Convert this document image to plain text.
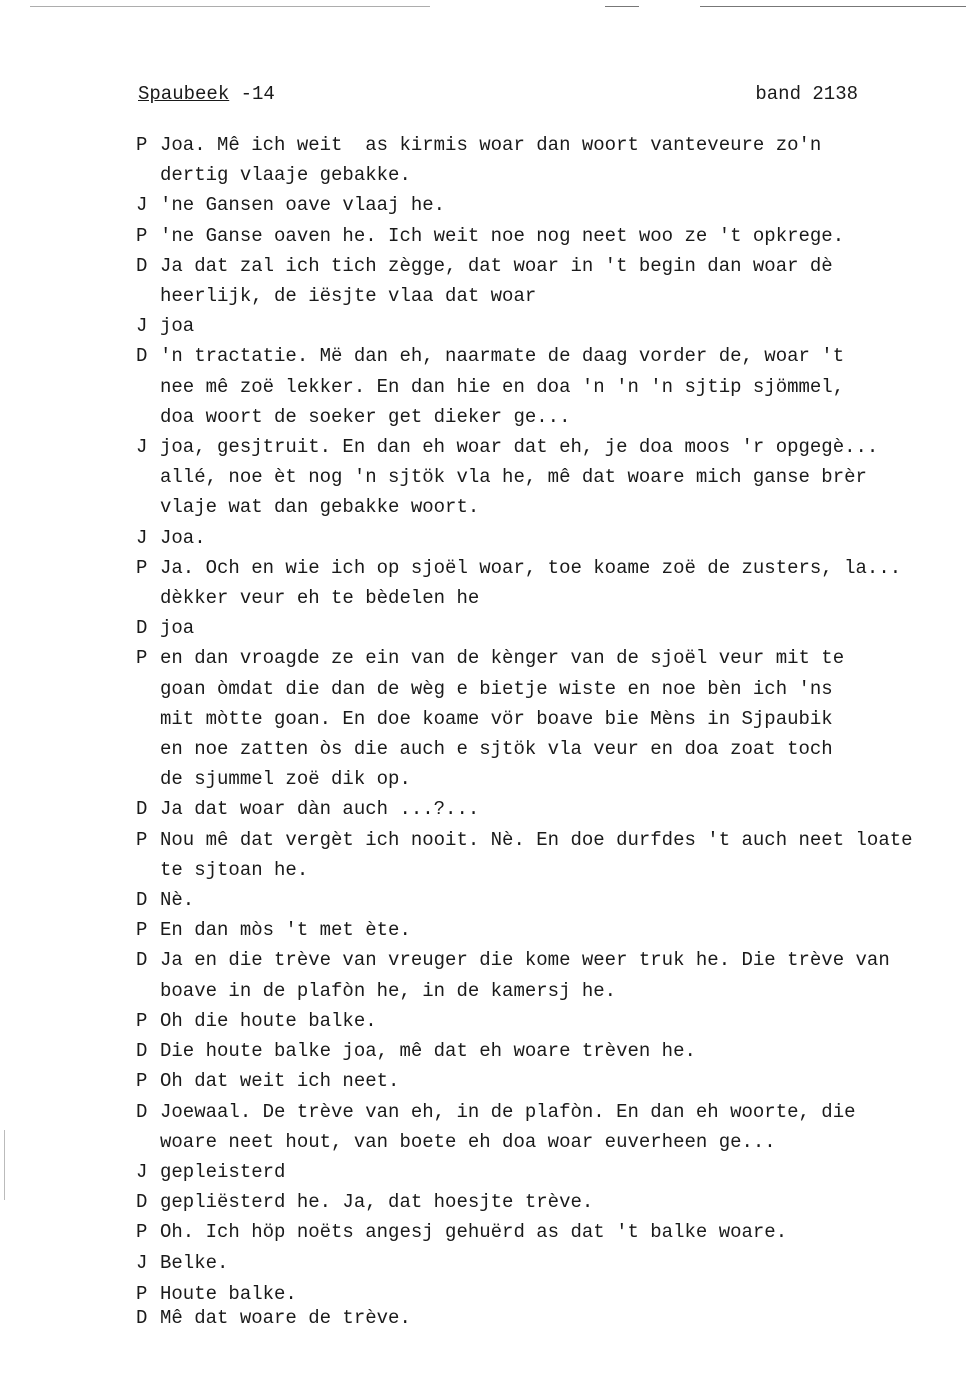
Spaubeek -14	band 2138
P Joa. Mê ich weit  as kirmis woar dan woort vanteveure zo'n
dertig vlaaje gebakke.
J 'ne Gansen oave vlaaj he.
P 'ne Ganse oaven he. Ich weit noe nog neet woo ze 't opkrege.
D Ja dat zal ich tich zègge, dat woar in 't begin dan woar dè
heerlijk, de iësjte vlaa dat woar
J joa
D 'n tractatie. Më dan eh, naarmate de daag vorder de, woar 't
nee mê zoë lekker. En dan hie en doa 'n 'n 'n sjtip sjömmel,
doa woort de soeker get dieker ge...
J joa, gesjtruit. En dan eh woar dat eh, je doa moos 'r opgegè...
allé, noe èt nog 'n sjtök vla he, mê dat woare mich ganse brèr
vlaje wat dan gebakke woort.
J Joa.
P Ja. Och en wie ich op sjoël woar, toe koame zoë de zusters, la...
dèkker veur eh te bèdelen he
D joa
P en dan vroagde ze ein van de kènger van de sjoël veur mit te
goan òmdat die dan de wèg e bietje wiste en noe bèn ich 'ns
mit mòtte goan. En doe koame vör boave bie Mèns in Sjpaubik
en noe zatten òs die auch e sjtök vla veur en doa zoat toch
de sjummel zoë dik op.
D Ja dat woar dàn auch ...?...
P Nou mê dat vergèt ich nooit. Nè. En doe durfdes 't auch neet loate
te sjtoan he.
D Nè.
P En dan mòs 't met ète.
D Ja en die trève van vreuger die kome weer truk he. Die trève van
boave in de plafòn he, in de kamersj he.
P Oh die houte balke.
D Die houte balke joa, mê dat eh woare trèven he.
P Oh dat weit ich neet.
D Joewaal. De trève van eh, in de plafòn. En dan eh woorte, die
woare neet hout, van boete eh doa woar euverheen ge...
J gepleisterd
D gepliësterd he. Ja, dat hoesjte trève.
P Oh. Ich höp noëts angesj gehuërd as dat 't balke woare.
J Belke.
P Houte balke.
D Mê dat woare de trève.
